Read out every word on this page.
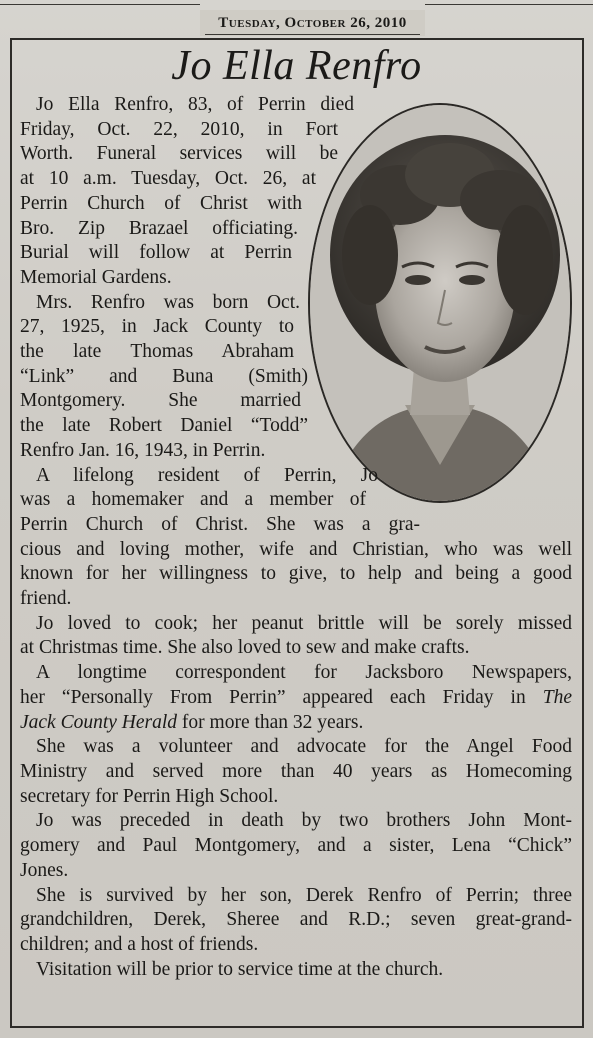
Tuesday, October 26, 2010
Jo Ella Renfro

Jo Ella Renfro, 83, of Perrin died
Friday, Oct. 22, 2010, in Fort
Worth. Funeral services will be
at 10 a.m. Tuesday, Oct. 26, at
Perrin Church of Christ with
Bro. Zip Brazael officiating.
Burial will follow at Perrin
Memorial Gardens.

Mrs. Renfro was born Oct.
27, 1925, in Jack County to
the late Thomas Abraham
“Link” and Buna (Smith)
Montgomery. She married
the late Robert Daniel “Todd”
Renfro Jan. 16, 1943, in Perrin.

A lifelong resident of Perrin, Jo
was a homemaker and a member of
Perrin Church of Christ. She was a gra-
cious and loving mother, wife and Christian, who was well
known for her willingness to give, to help and being a good
friend.

Jo loved to cook; her peanut brittle will be sorely missed
at Christmas time. She also loved to sew and make crafts.

A longtime correspondent for Jacksboro Newspapers,
her “Personally From Perrin” appeared each Friday in The
Jack County Herald for more than 32 years.

She was a volunteer and advocate for the Angel Food
Ministry and served more than 40 years as Homecoming
secretary for Perrin High School.

Jo was preceded in death by two brothers John Mont-
gomery and Paul Montgomery, and a sister, Lena “Chick”
Jones.

She is survived by her son, Derek Renfro of Perrin; three
grandchildren, Derek, Sheree and R.D.; seven great-grand-
children; and a host of friends.

Visitation will be prior to service time at the church.
